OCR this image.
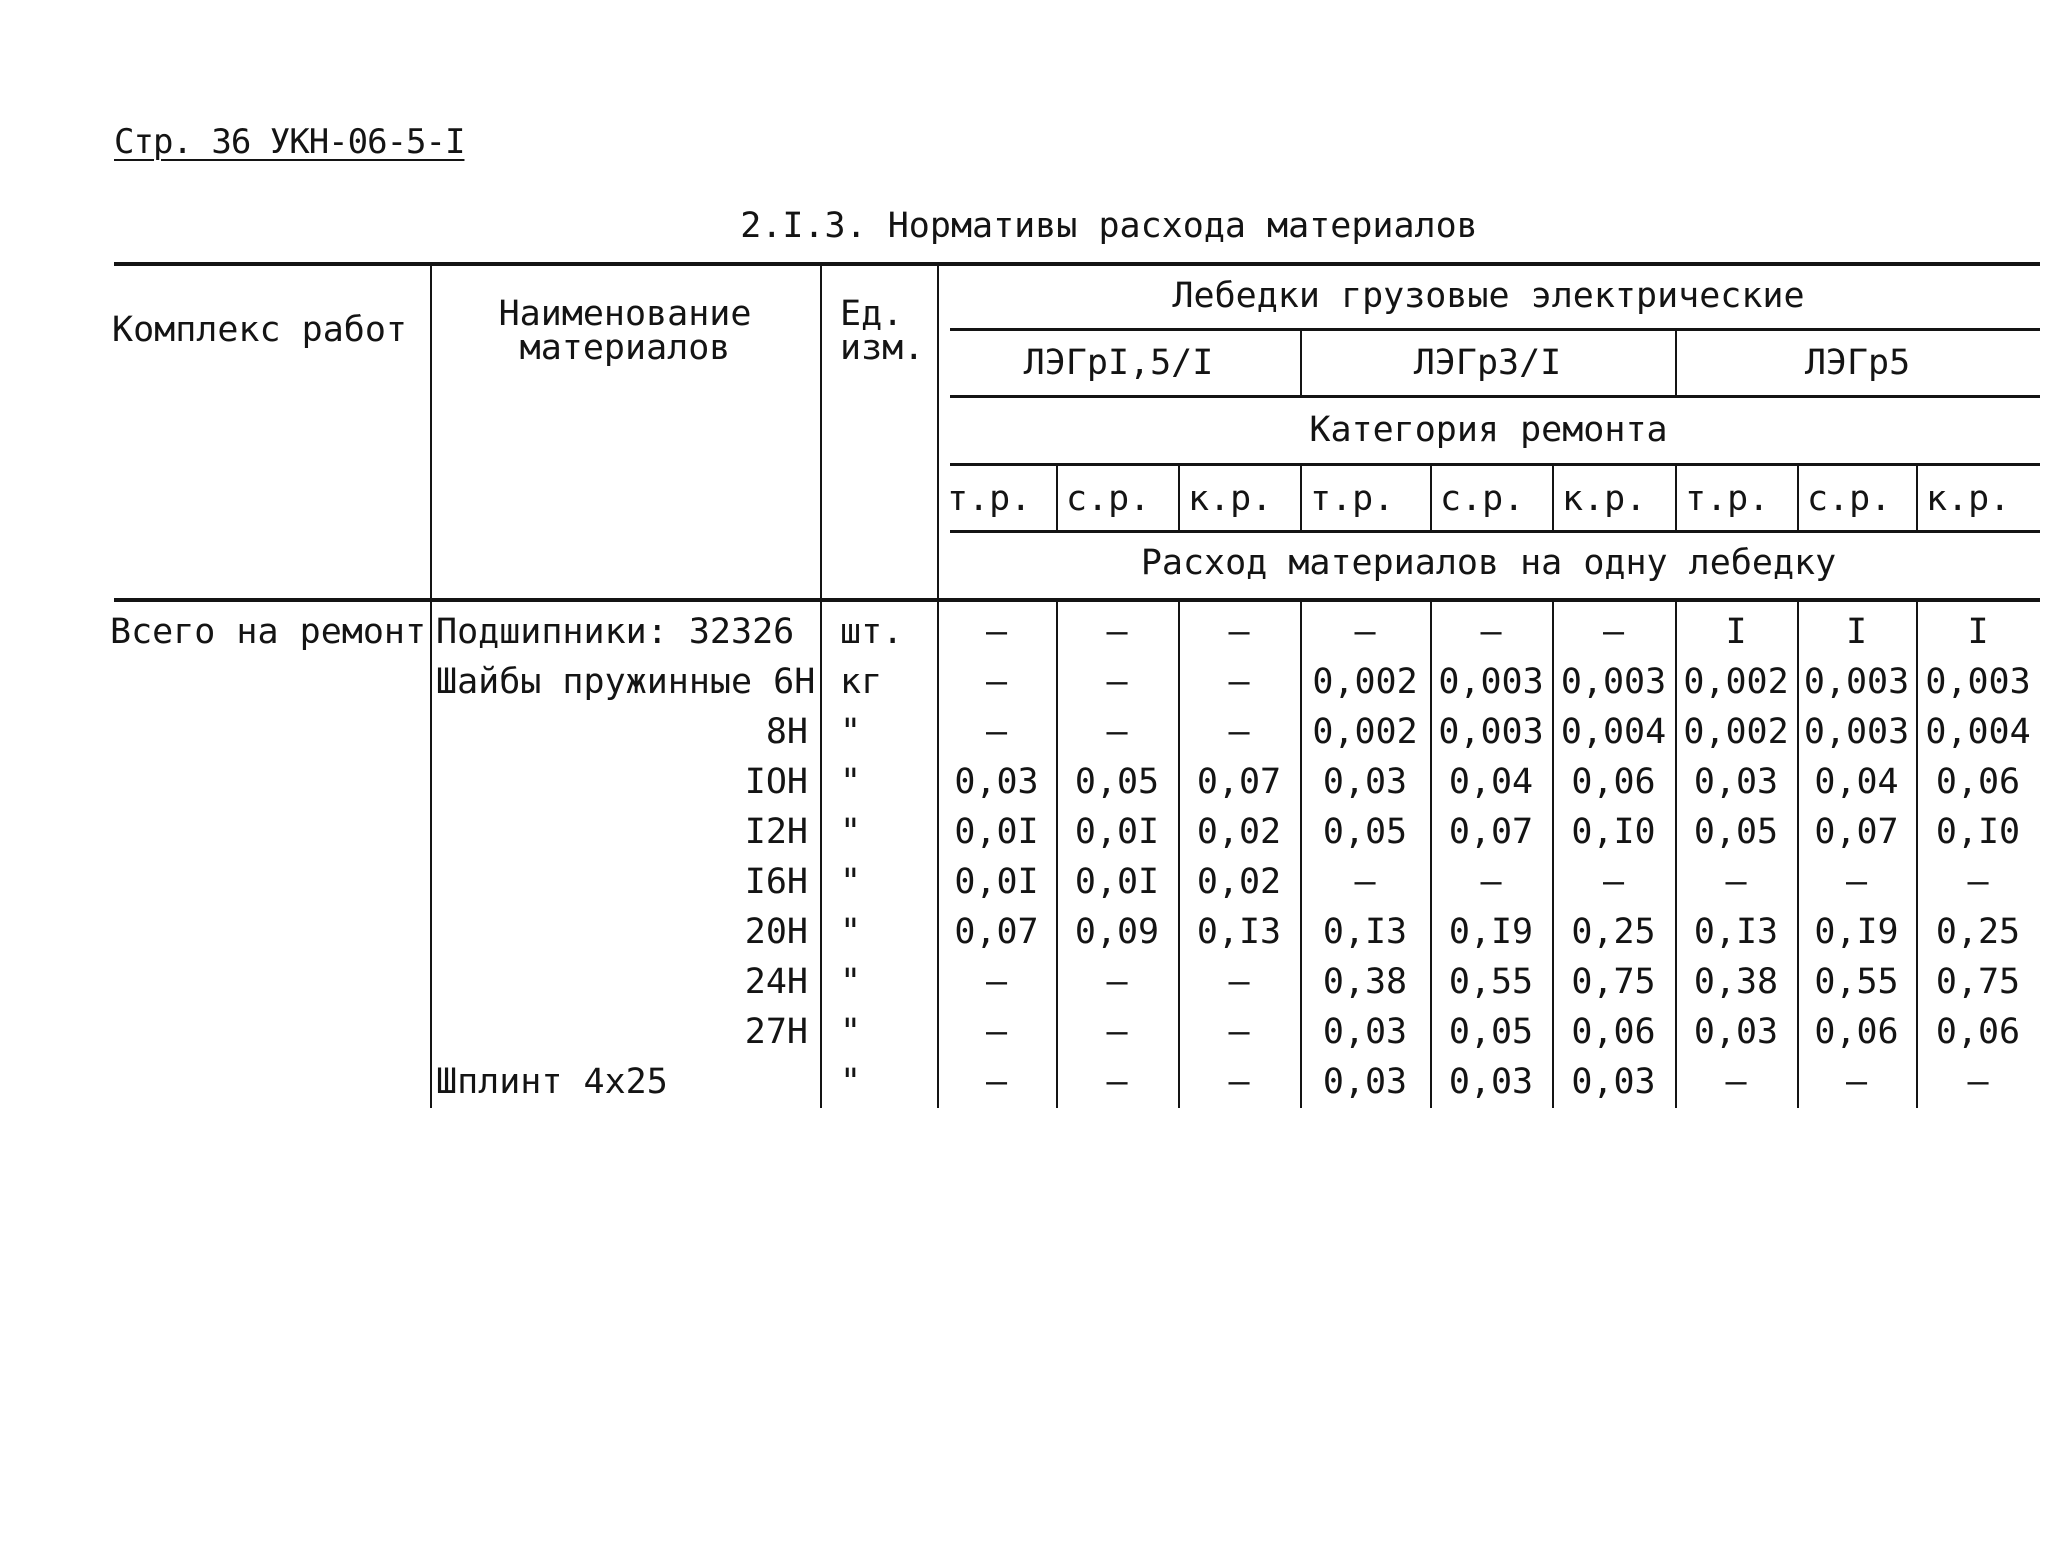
Стр. 36 УКН-06-5-I
2.I.3. Нормативы расхода материалов
Комплекс работ	Наименование
материалов
Ед.
изм.
Лебедки грузовые электрические
ЛЭГрI,5/I	ЛЭГр3/I	ЛЭГр5
Категория ремонта
т.р. с.р.	к.р.	т.р.	с.р.	к.р.	т.р.	с.р. к.р.
Расход материалов на одну лебедку
Всего на ремонт Подшипники: 32326	шт.	–	–	–	–	–	–	I	I	I
Шайбы пружинные 6Н кг	–	–	–	0,002 0,003 0,003 0,002 0,003 0,003
8Н "	–	–	–	0,002 0,003 0,004 0,002 0,003 0,004
IOН "	0,03	0,05	0,07	0,03	0,04	0,06	0,03	0,04	0,06
I2Н "	0,0I	0,0I	0,02	0,05	0,07	0,I0	0,05	0,07	0,I0
I6Н "	0,0I	0,0I	0,02	–	–	–	–	–	–
20Н "	0,07	0,09	0,I3	0,I3	0,I9	0,25	0,I3	0,I9	0,25
24Н "	–	–	–	0,38	0,55	0,75	0,38	0,55	0,75
27Н "	–	–	–	0,03	0,05	0,06	0,03	0,06	0,06
Шплинт 4х25	"	–	–	–	0,03	0,03	0,03	–	–	–
